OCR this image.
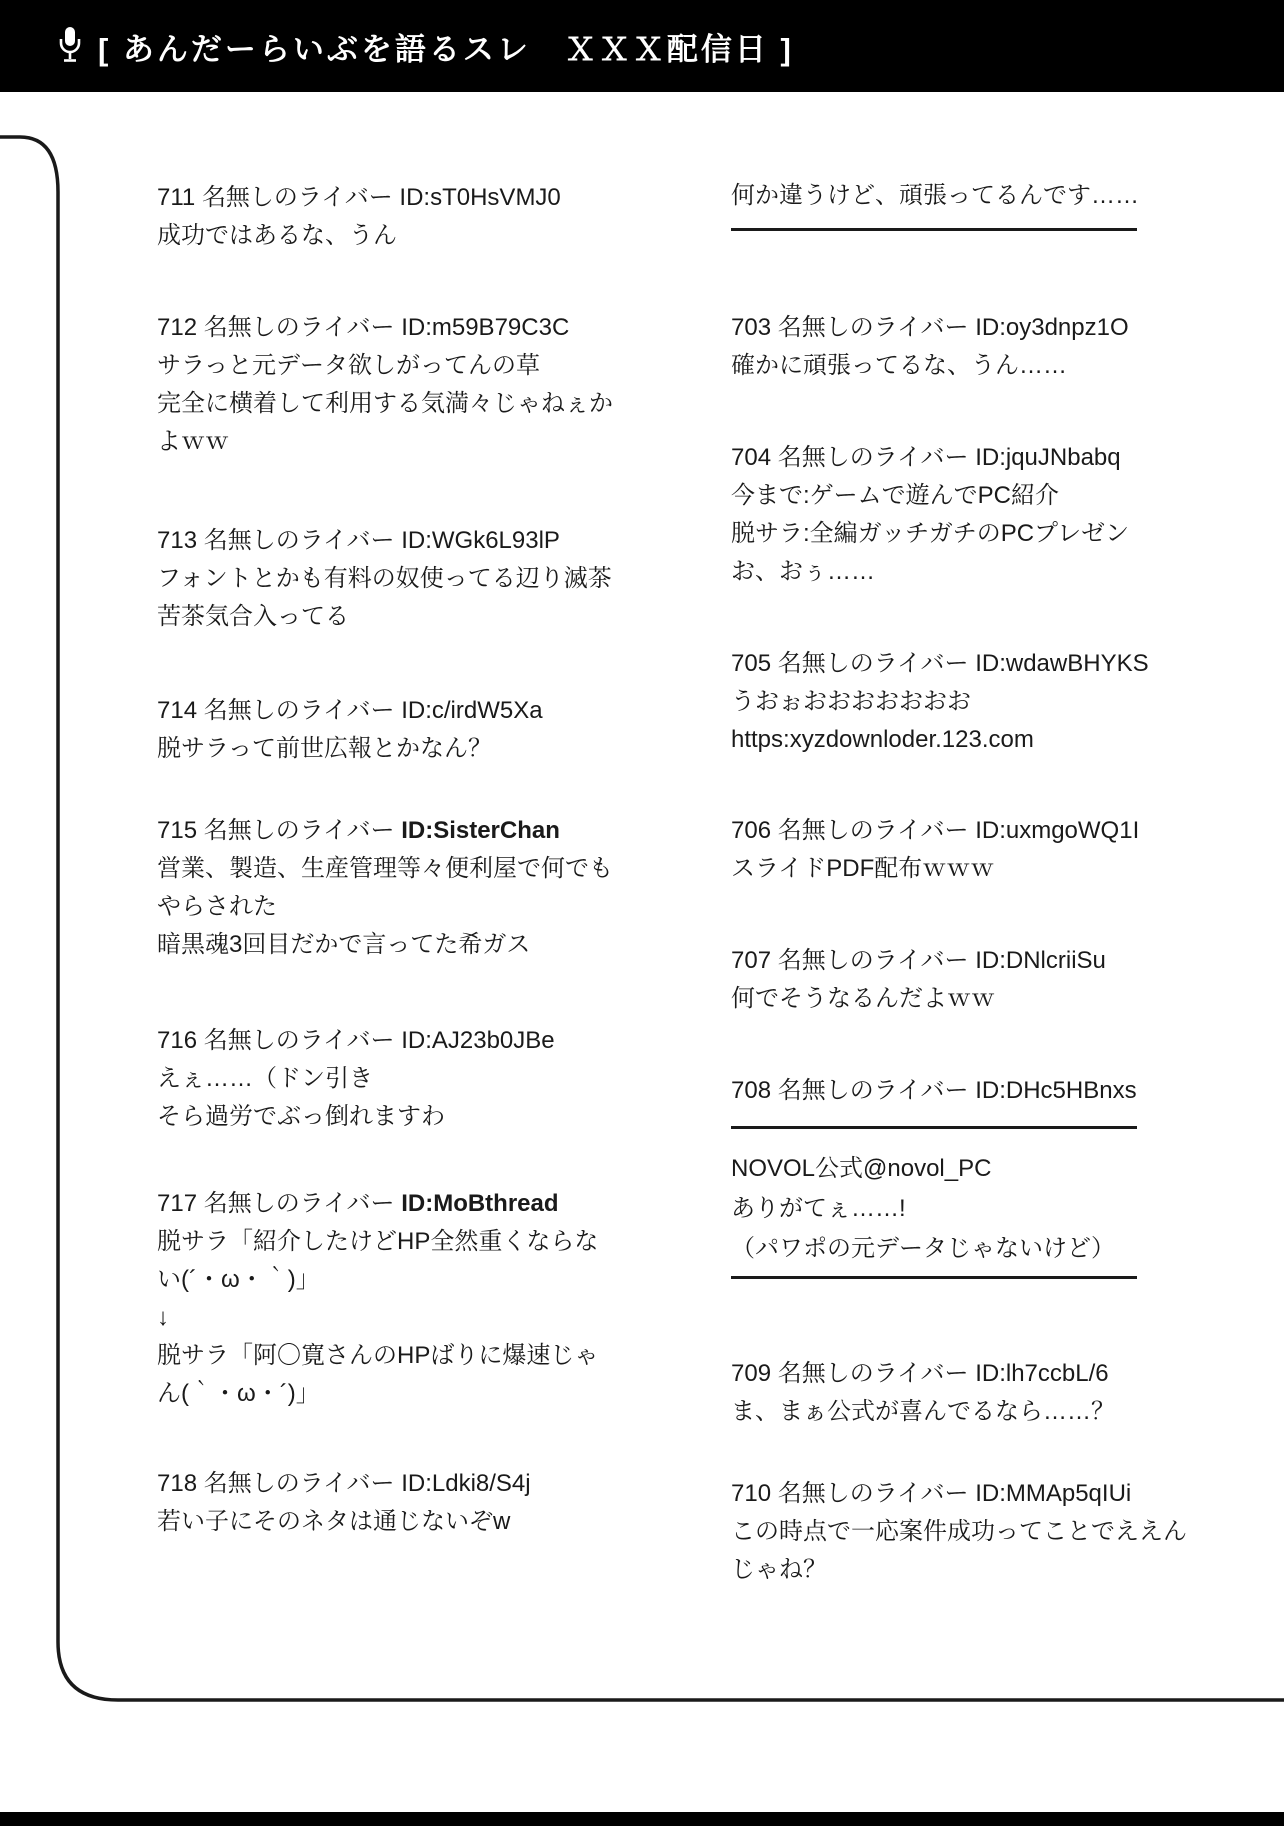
[ あんだーらいぶを語るスレ　ＸＸＸ配信日 ]
711 名無しのライバー ID:sT0HsVMJ0
成功ではあるな、うん
712 名無しのライバー ID:m59B79C3C
サラっと元データ欲しがってんの草
完全に横着して利用する気満々じゃねぇか
よｗｗ
713 名無しのライバー ID:WGk6L93lP
フォントとかも有料の奴使ってる辺り滅茶
苦茶気合入ってる
714 名無しのライバー ID:c/irdW5Xa
脱サラって前世広報とかなん？
715 名無しのライバー ID:SisterChan
営業、製造、生産管理等々便利屋で何でも
やらされた
暗黒魂3回目だかで言ってた希ガス
716 名無しのライバー ID:AJ23b0JBe
えぇ……（ドン引き
そら過労でぶっ倒れますわ
717 名無しのライバー ID:MoBthread
脱サラ「紹介したけどHP全然重くならな
い(´・ω・｀)」
↓
脱サラ「阿〇寛さんのHPばりに爆速じゃ
ん(｀・ω・´)」
718 名無しのライバー ID:Ldki8/S4j
若い子にそのネタは通じないぞw
何か違うけど、頑張ってるんです……
703 名無しのライバー ID:oy3dnpz1O
確かに頑張ってるな、うん……
704 名無しのライバー ID:jquJNbabq
今まで:ゲームで遊んでPC紹介
脱サラ:全編ガッチガチのPCプレゼン
お、おぅ……
705 名無しのライバー ID:wdawBHYKS
うおぉおおおおおおお
https:xyzdownloder.123.com
706 名無しのライバー ID:uxmgoWQ1I
スライドPDF配布ｗｗｗ
707 名無しのライバー ID:DNlcriiSu
何でそうなるんだよｗｗ
708 名無しのライバー ID:DHc5HBnxs
NOVOL公式@novol_PC
ありがてぇ……!
（パワポの元データじゃないけど）
709 名無しのライバー ID:lh7ccbL/6
ま、まぁ公式が喜んでるなら……？
710 名無しのライバー ID:MMAp5qIUi
この時点で一応案件成功ってことでええん
じゃね？
